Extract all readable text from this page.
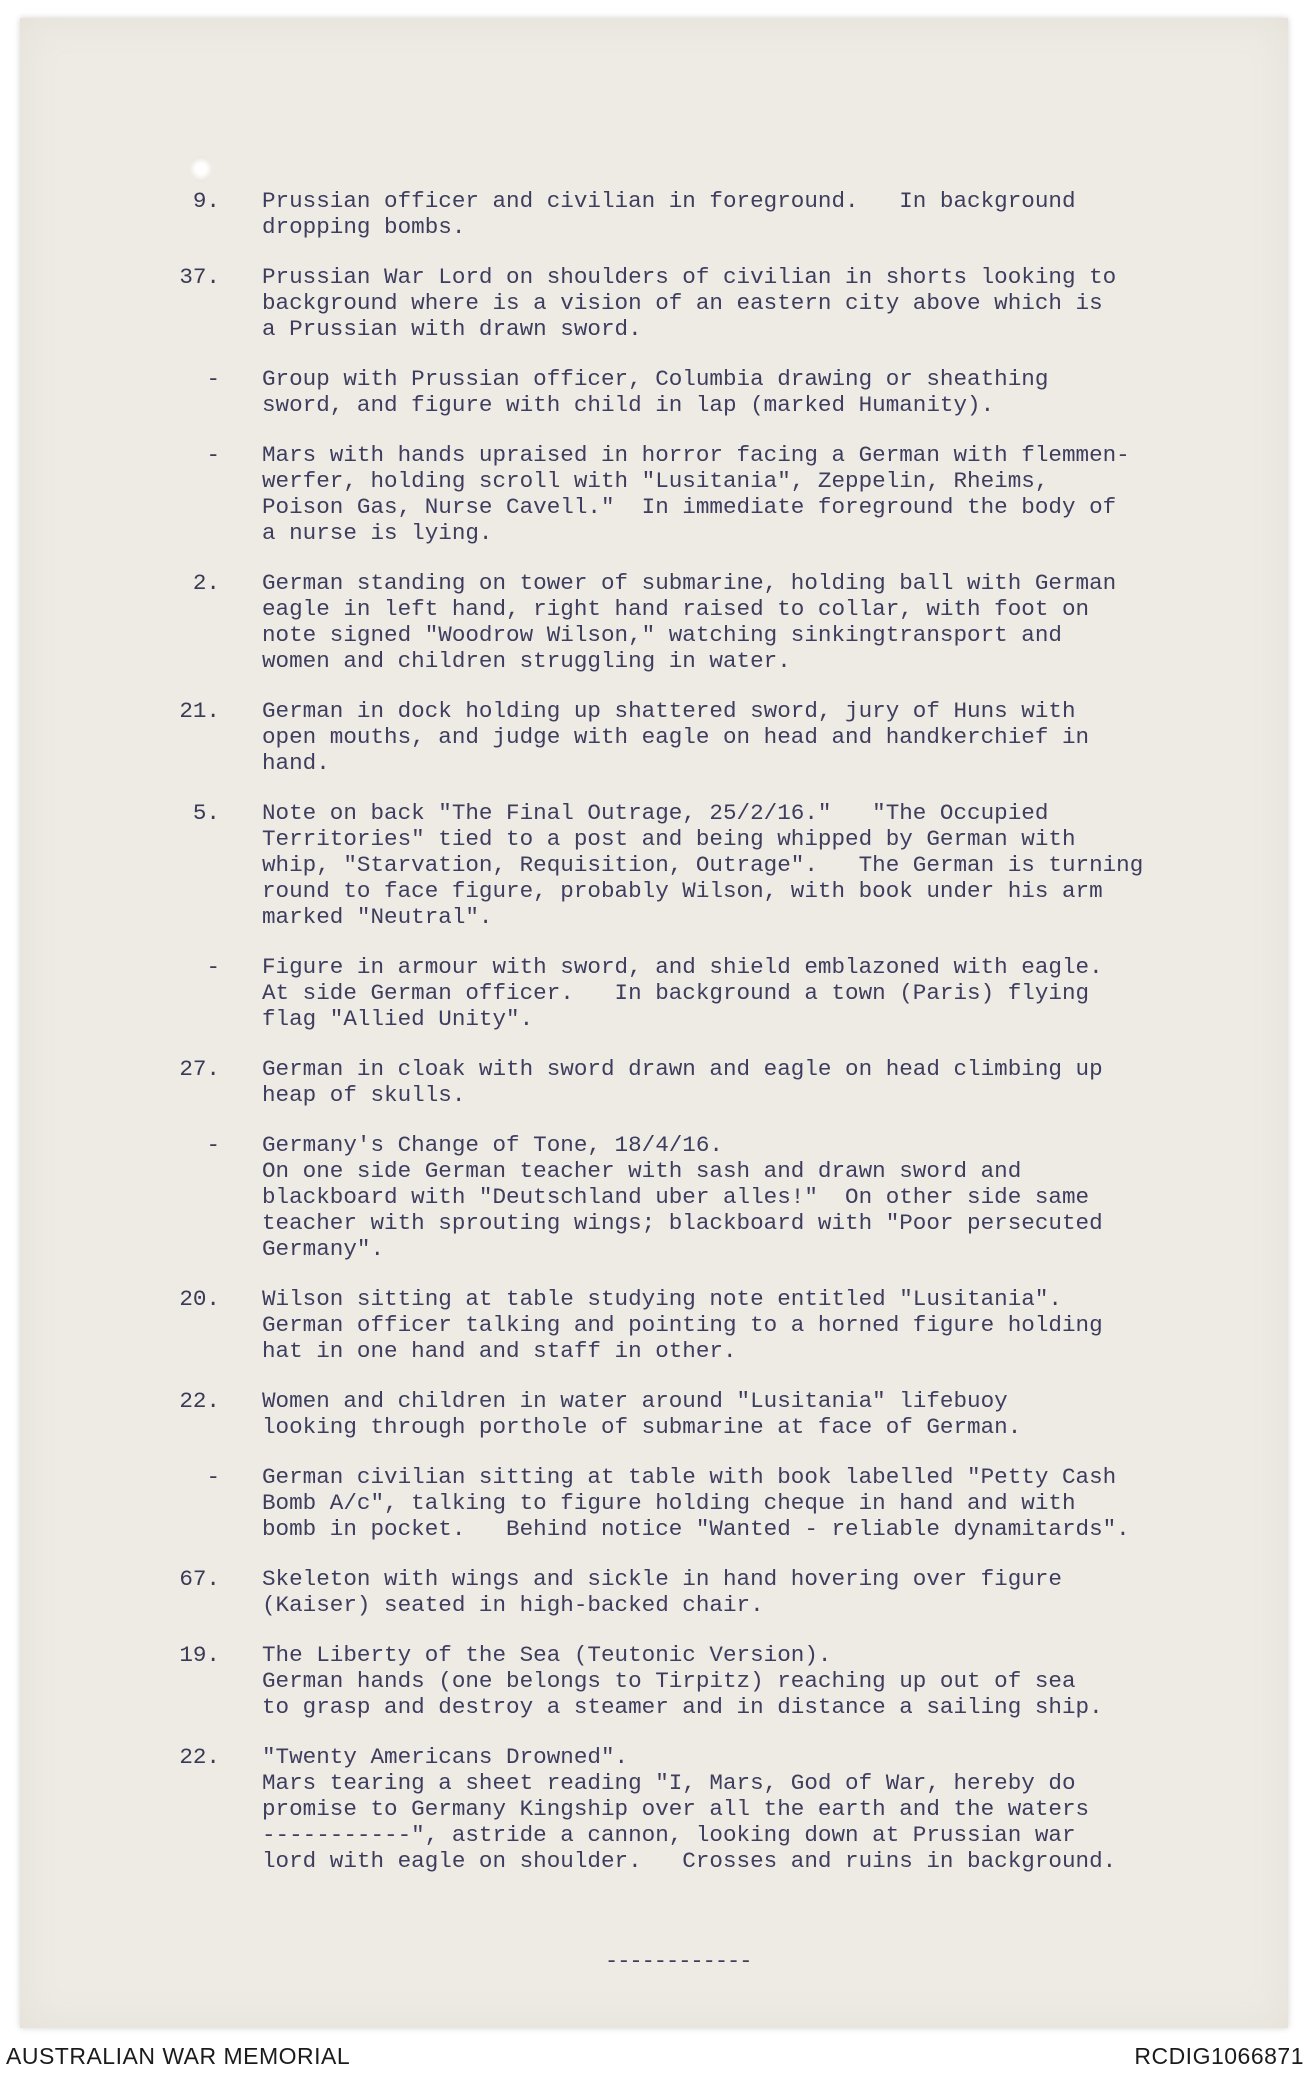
9. Prussian officer and civilian in foreground.   In background
dropping bombs.
37. Prussian War Lord on shoulders of civilian in shorts looking to
background where is a vision of an eastern city above which is
a Prussian with drawn sword.
- Group with Prussian officer, Columbia drawing or sheathing
sword, and figure with child in lap (marked Humanity).
- Mars with hands upraised in horror facing a German with flemmen-
werfer, holding scroll with "Lusitania", Zeppelin, Rheims,
Poison Gas, Nurse Cavell."  In immediate foreground the body of
a nurse is lying.
2. German standing on tower of submarine, holding ball with German
eagle in left hand, right hand raised to collar, with foot on
note signed "Woodrow Wilson," watching sinkingtransport and
women and children struggling in water.
21. German in dock holding up shattered sword, jury of Huns with
open mouths, and judge with eagle on head and handkerchief in
hand.
5. Note on back "The Final Outrage, 25/2/16."   "The Occupied
Territories" tied to a post and being whipped by German with
whip, "Starvation, Requisition, Outrage".   The German is turning
round to face figure, probably Wilson, with book under his arm
marked "Neutral".
- Figure in armour with sword, and shield emblazoned with eagle.
At side German officer.   In background a town (Paris) flying
flag "Allied Unity".
27. German in cloak with sword drawn and eagle on head climbing up
heap of skulls.
- Germany's Change of Tone, 18/4/16.
On one side German teacher with sash and drawn sword and
blackboard with "Deutschland uber alles!"  On other side same
teacher with sprouting wings; blackboard with "Poor persecuted
Germany".
20. Wilson sitting at table studying note entitled "Lusitania".
German officer talking and pointing to a horned figure holding
hat in one hand and staff in other.
22. Women and children in water around "Lusitania" lifebuoy
looking through porthole of submarine at face of German.
- German civilian sitting at table with book labelled "Petty Cash
Bomb A/c", talking to figure holding cheque in hand and with
bomb in pocket.   Behind notice "Wanted - reliable dynamitards".
67. Skeleton with wings and sickle in hand hovering over figure
(Kaiser) seated in high-backed chair.
19. The Liberty of the Sea (Teutonic Version).
German hands (one belongs to Tirpitz) reaching up out of sea
to grasp and destroy a steamer and in distance a sailing ship.
22. "Twenty Americans Drowned".
Mars tearing a sheet reading "I, Mars, God of War, hereby do
promise to Germany Kingship over all the earth and the waters
-----------", astride a cannon, looking down at Prussian war
lord with eagle on shoulder.   Crosses and ruins in background.
------------
AUSTRALIAN WAR MEMORIAL	RCDIG1066871
